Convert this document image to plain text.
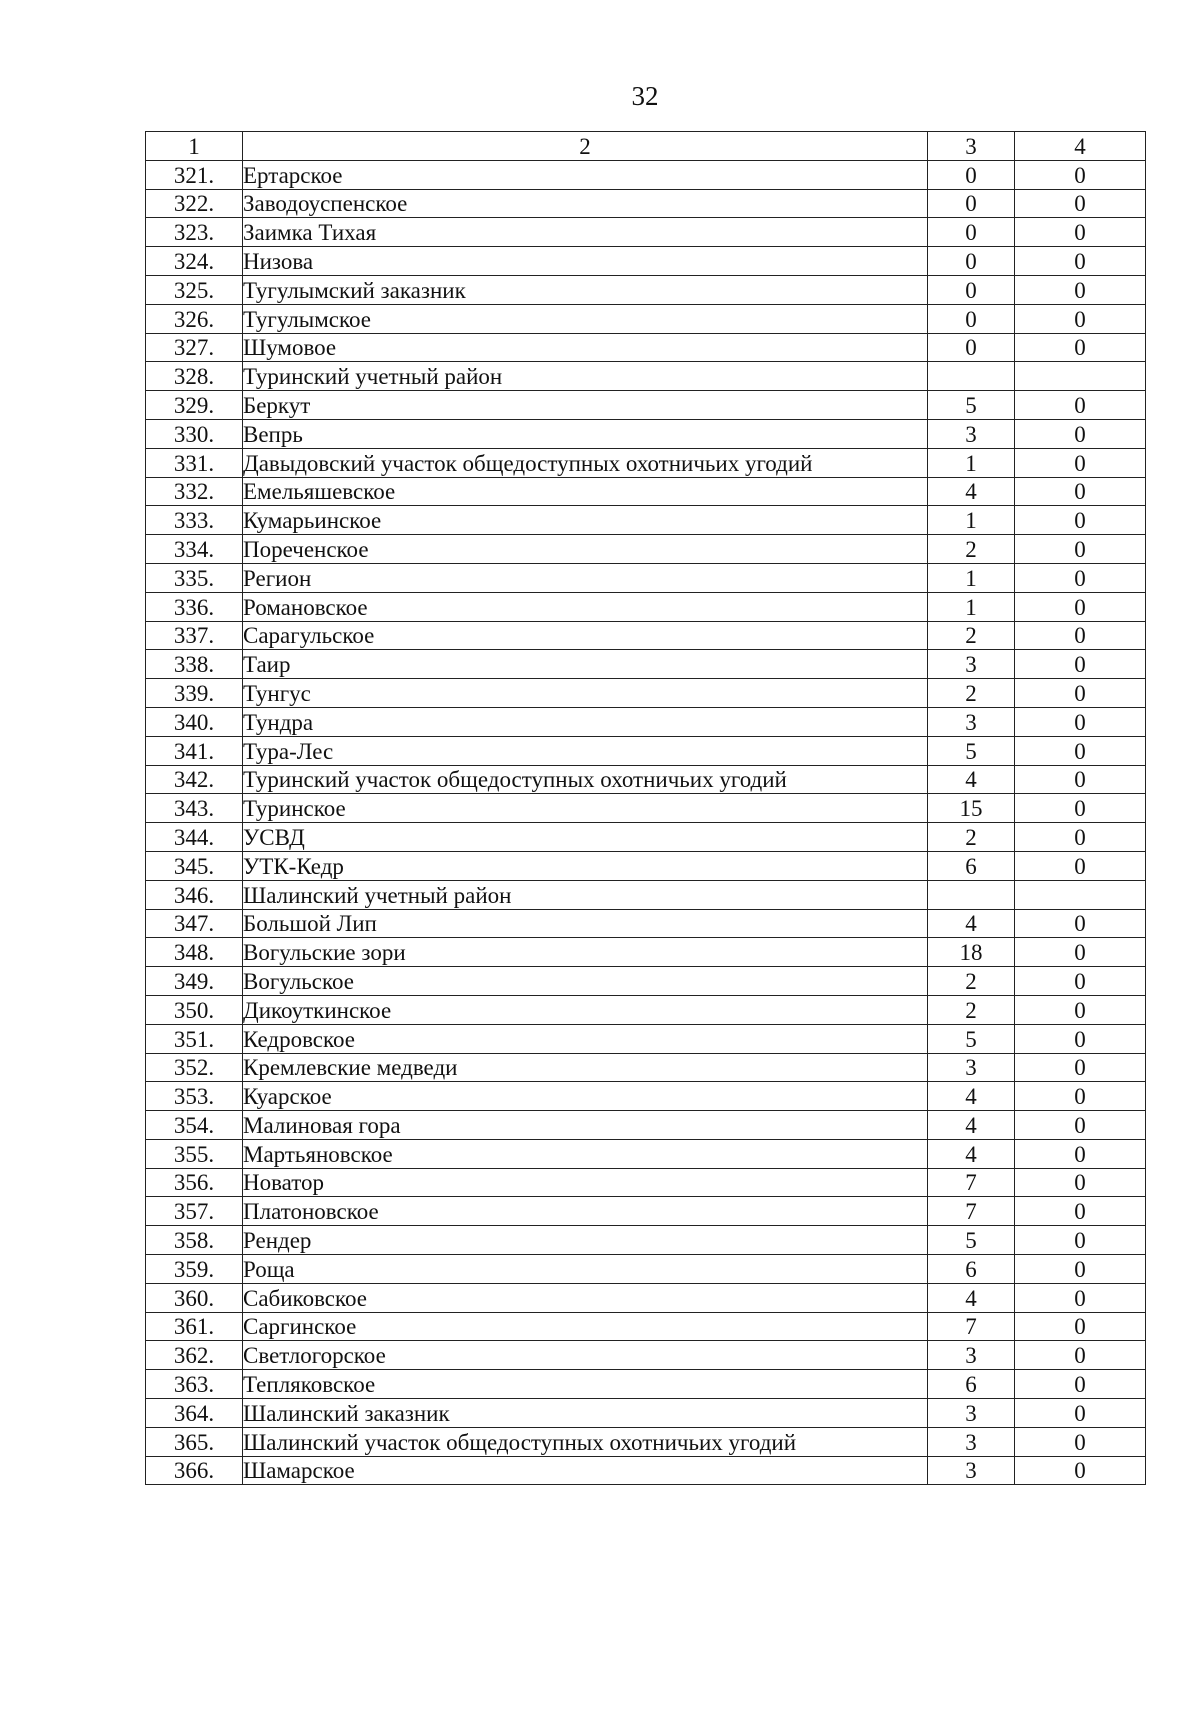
32
1	2	3	4
321.	Ертарское	0	0
322.	Заводоуспенское	0	0
323.	Заимка Тихая	0	0
324.	Низова	0	0
325.	Тугулымский заказник	0	0
326.	Тугулымское	0	0
327.	Шумовое	0	0
328.	Туринский учетный район		
329.	Беркут	5	0
330.	Вепрь	3	0
331.	Давыдовский участок общедоступных охотничьих угодий	1	0
332.	Емельяшевское	4	0
333.	Кумарьинское	1	0
334.	Пореченское	2	0
335.	Регион	1	0
336.	Романовское	1	0
337.	Сарагульское	2	0
338.	Таир	3	0
339.	Тунгус	2	0
340.	Тундра	3	0
341.	Тура-Лес	5	0
342.	Туринский участок общедоступных охотничьих угодий	4	0
343.	Туринское	15	0
344.	УСВД	2	0
345.	УТК-Кедр	6	0
346.	Шалинский учетный район		
347.	Большой Лип	4	0
348.	Вогульские зори	18	0
349.	Вогульское	2	0
350.	Дикоуткинское	2	0
351.	Кедровское	5	0
352.	Кремлевские медведи	3	0
353.	Куарское	4	0
354.	Малиновая гора	4	0
355.	Мартьяновское	4	0
356.	Новатор	7	0
357.	Платоновское	7	0
358.	Рендер	5	0
359.	Роща	6	0
360.	Сабиковское	4	0
361.	Саргинское	7	0
362.	Светлогорское	3	0
363.	Тепляковское	6	0
364.	Шалинский заказник	3	0
365.	Шалинский участок общедоступных охотничьих угодий	3	0
366.	Шамарское	3	0
